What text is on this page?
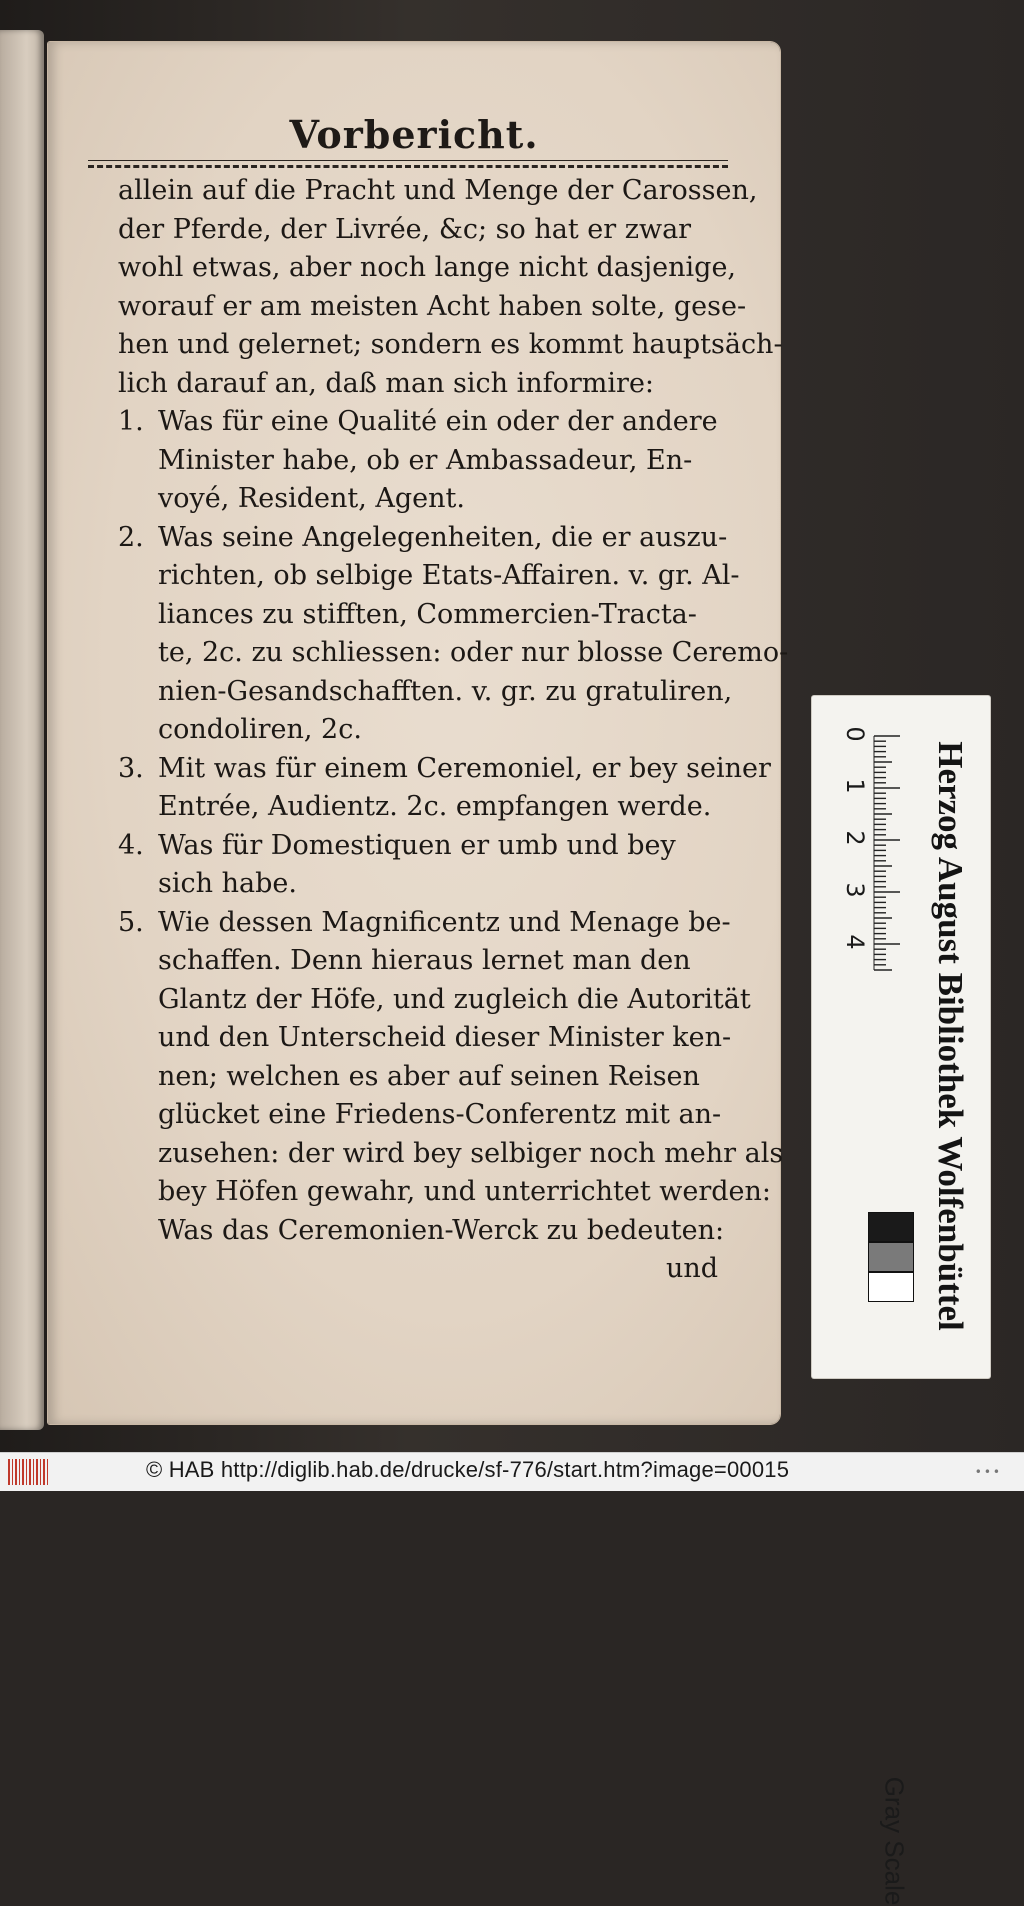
Vorbericht.
allein auf die Pracht und Menge der Carossen,
der Pferde, der Livrée, &c; so hat er zwar
wohl etwas, aber noch lange nicht dasjenige,
worauf er am meisten Acht haben solte, gese-
hen und gelernet; sondern es kommt hauptsäch-
lich darauf an, daß man sich informire:
1. Was für eine Qualité ein oder der andere
Minister habe, ob er Ambassadeur, En-
voyé, Resident, Agent.
2. Was seine Angelegenheiten, die er auszu-
richten, ob selbige Etats-Affairen. v. gr. Al-
liances zu stifften, Commercien-Tracta-
te, 2c. zu schliessen: oder nur blosse Ceremo-
nien-Gesandschafften. v. gr. zu gratuliren,
condoliren, 2c.
3. Mit was für einem Ceremoniel, er bey seiner
Entrée, Audientz. 2c. empfangen werde.
4. Was für Domestiquen er umb und bey
sich habe.
5. Wie dessen Magnificentz und Menage be-
schaffen. Denn hieraus lernet man den
Glantz der Höfe, und zugleich die Autorität
und den Unterscheid dieser Minister ken-
nen; welchen es aber auf seinen Reisen
glücket eine Friedens-Conferentz mit an-
zusehen: der wird bey selbiger noch mehr als
bey Höfen gewahr, und unterrichtet werden:
Was das Ceremonien-Werck zu bedeuten:
und
0
1
2
3
4 Herzog August Bibliothek Wolfenbüttel
Gray Scale
© HAB http://diglib.hab.de/drucke/sf-776/start.htm?image=00015	•••
